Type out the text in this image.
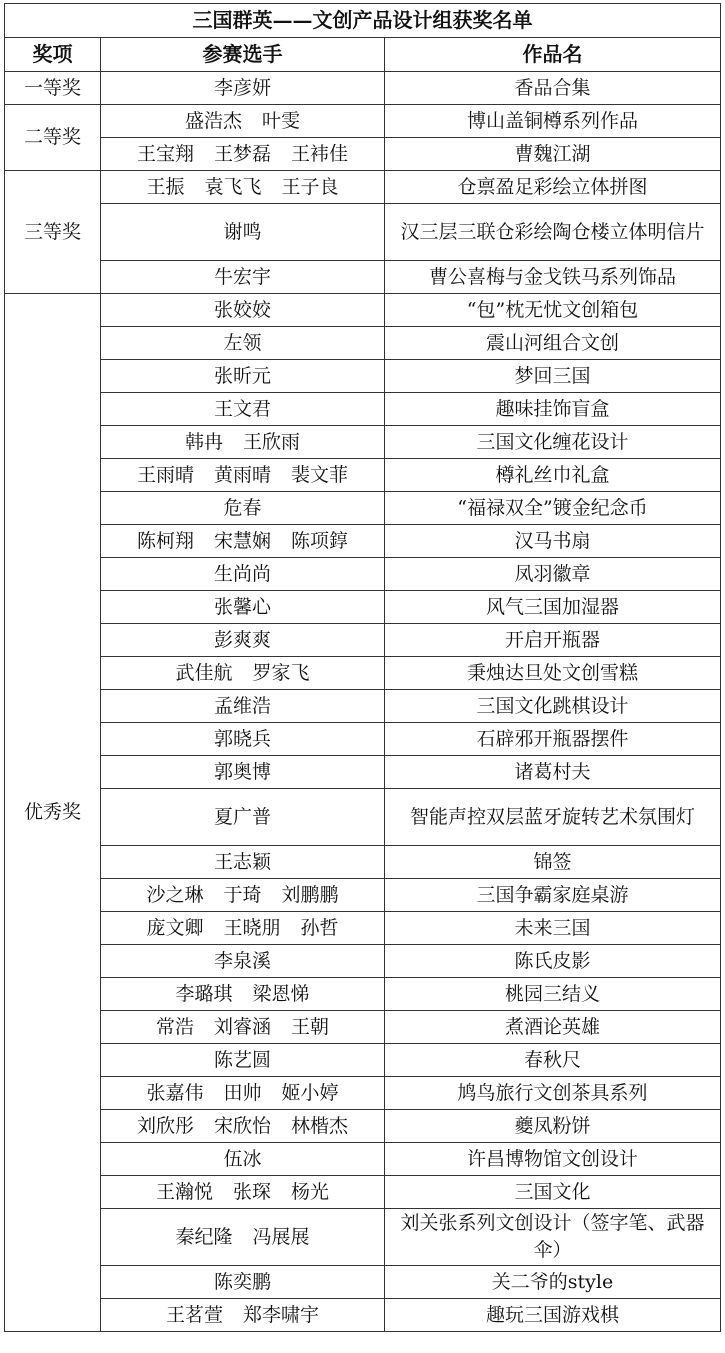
三国群英——文创产品设计组获奖名单		
奖项	参赛选手	作品名
一等奖	李彦妍	香品合集
二等奖	盛浩杰 叶雯	博山盖铜樽系列作品
	王宝翔 王梦磊 王袆佳	曹魏江湖
三等奖	王振 袁飞飞 王子良	仓禀盈足彩绘立体拼图
	谢鸣	汉三层三联仓彩绘陶仓楼立体明信片
	牛宏宇	曹公喜梅与金戈铁马系列饰品
优秀奖	张姣姣	“包”枕无忧文创箱包
	左领	震山河组合文创
	张昕元	梦回三国
	王文君	趣味挂饰盲盒
	韩冉 王欣雨	三国文化缠花设计
	王雨晴 黄雨晴 裴文菲	樽礼丝巾礼盒
	危春	“福禄双全”镀金纪念币
	陈柯翔 宋慧娴 陈项錞	汉马书扇
	生尚尚	凤羽徽章
	张馨心	风气三国加湿器
	彭爽爽	开启开瓶器
	武佳航 罗家飞	秉烛达旦处文创雪糕
	孟维浩	三国文化跳棋设计
	郭晓兵	石辟邪开瓶器摆件
	郭奥博	诸葛村夫
	夏广普	智能声控双层蓝牙旋转艺术氛围灯
	王志颖	锦签
	沙之琳 于琦 刘鹏鹏	三国争霸家庭桌游
	庞文卿 王晓朋 孙哲	未来三国
	李泉溪	陈氏皮影
	李璐琪 梁恩悌	桃园三结义
	常浩 刘睿涵 王朝	煮酒论英雄
	陈艺圆	春秋尺
	张嘉伟 田帅 姬小婷	鸠鸟旅行文创茶具系列
	刘欣彤 宋欣怡 林楷杰	夔凤粉饼
	伍冰	许昌博物馆文创设计
	王瀚悦 张琛 杨光	三国文化
	秦纪隆 冯展展	刘关张系列文创设计（签字笔、武器伞）
	陈奕鹏	关二爷的style
	王茗萱 郑李啸宇	趣玩三国游戏棋
